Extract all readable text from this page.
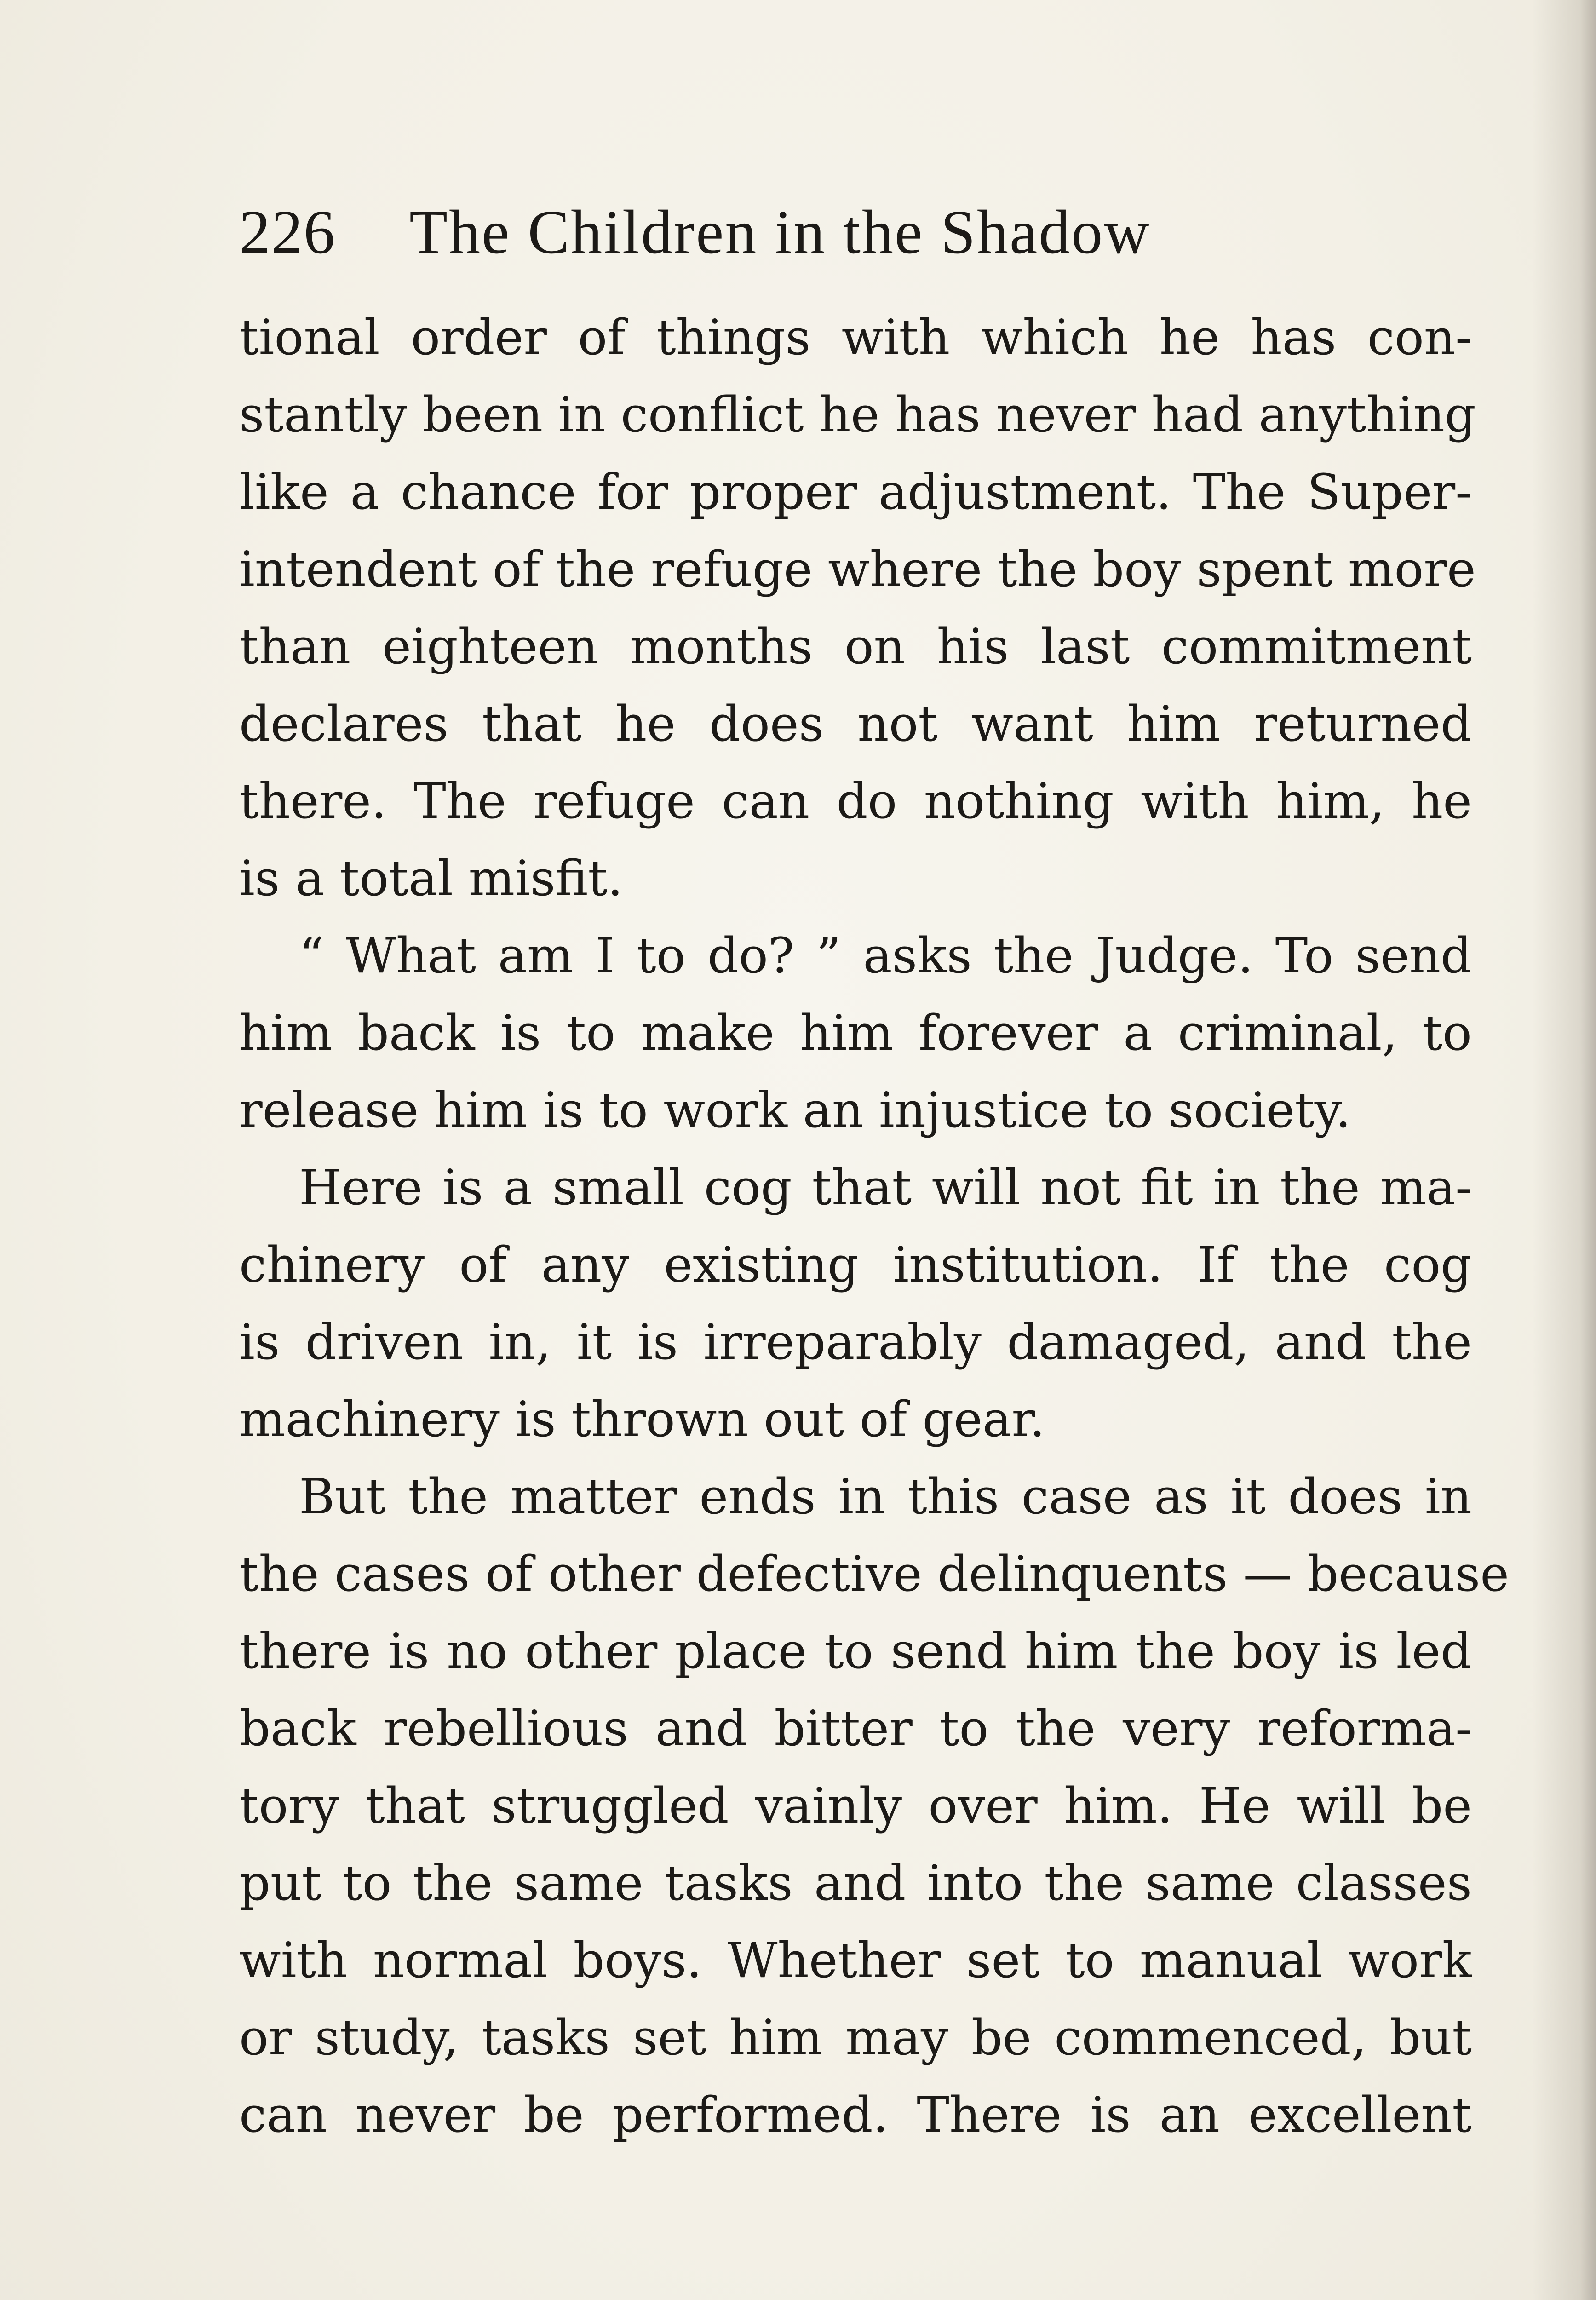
226 The Children in the Shadow
tional order of things with which he has con-
stantly been in conflict he has never had anything
like a chance for proper adjustment. The Super-
intendent of the refuge where the boy spent more
than eighteen months on his last commitment
declares that he does not want him returned
there. The refuge can do nothing with him, he
is a total misfit.
“ What am I to do? ” asks the Judge. To send
him back is to make him forever a criminal, to
release him is to work an injustice to society.
Here is a small cog that will not fit in the ma-
chinery of any existing institution. If the cog
is driven in, it is irreparably damaged, and the
machinery is thrown out of gear.
But the matter ends in this case as it does in
the cases of other defective delinquents — because
there is no other place to send him the boy is led
back rebellious and bitter to the very reforma-
tory that struggled vainly over him. He will be
put to the same tasks and into the same classes
with normal boys. Whether set to manual work
or study, tasks set him may be commenced, but
can never be performed. There is an excellent
